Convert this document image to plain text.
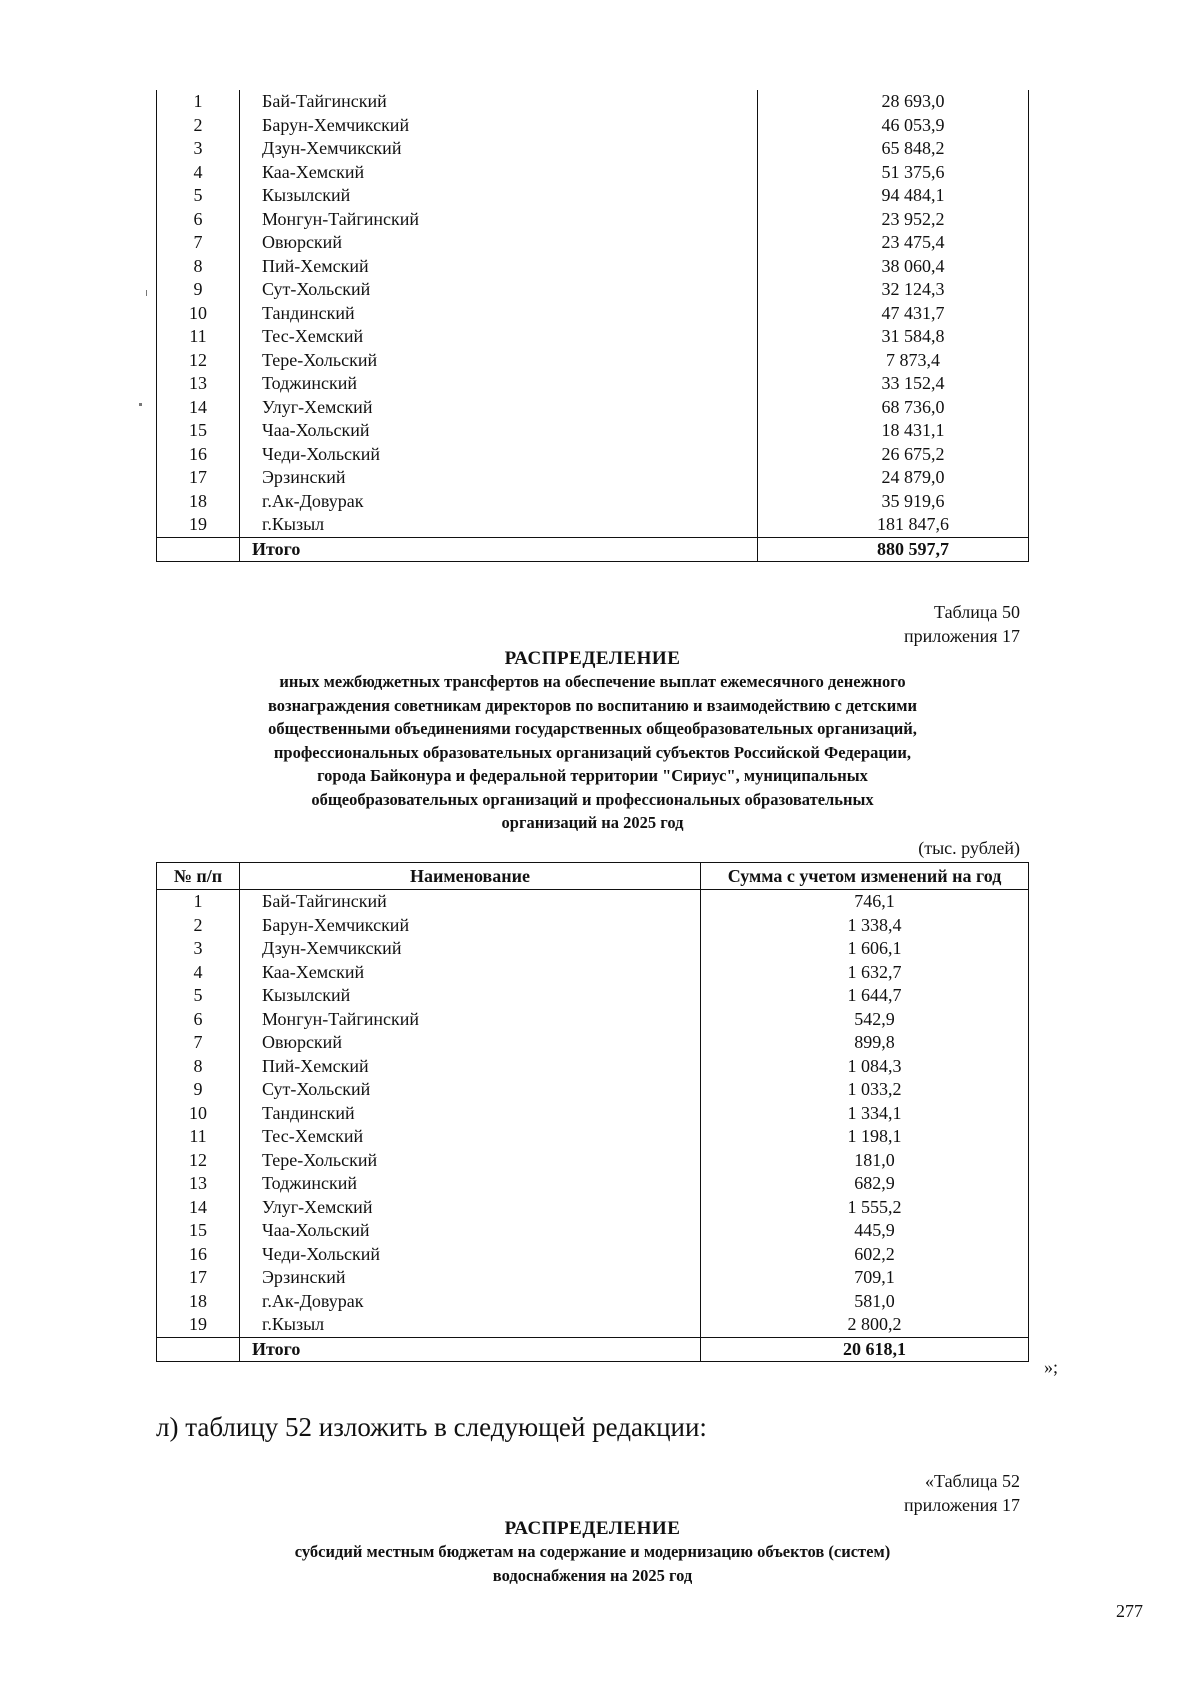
1	Бай-Тайгинский	28 693,0
2	Барун-Хемчикский	46 053,9
3	Дзун-Хемчикский	65 848,2
4	Каа-Хемский	51 375,6
5	Кызылский	94 484,1
6	Монгун-Тайгинский	23 952,2
7	Овюрский	23 475,4
8	Пий-Хемский	38 060,4
9	Сут-Хольский	32 124,3
10	Тандинский	47 431,7
11	Тес-Хемский	31 584,8
12	Тере-Хольский	7 873,4
13	Тоджинский	33 152,4
14	Улуг-Хемский	68 736,0
15	Чаа-Хольский	18 431,1
16	Чеди-Хольский	26 675,2
17	Эрзинский	24 879,0
18	г.Ак-Довурак	35 919,6
19	г.Кызыл	181 847,6
	Итого	880 597,7
Таблица 50
приложения 17
РАСПРЕДЕЛЕНИЕ
иных межбюджетных трансфертов на обеспечение выплат ежемесячного денежного
вознаграждения советникам директоров по воспитанию и взаимодействию с детскими
общественными объединениями государственных общеобразовательных организаций,
профессиональных образовательных организаций субъектов Российской Федерации,
города Байконура и федеральной территории "Сириус", муниципальных
общеобразовательных организаций и профессиональных образовательных
организаций на 2025 год
(тыс. рублей)
№ п/п	Наименование	Сумма с учетом изменений на год
1	Бай-Тайгинский	746,1
2	Барун-Хемчикский	1 338,4
3	Дзун-Хемчикский	1 606,1
4	Каа-Хемский	1 632,7
5	Кызылский	1 644,7
6	Монгун-Тайгинский	542,9
7	Овюрский	899,8
8	Пий-Хемский	1 084,3
9	Сут-Хольский	1 033,2
10	Тандинский	1 334,1
11	Тес-Хемский	1 198,1
12	Тере-Хольский	181,0
13	Тоджинский	682,9
14	Улуг-Хемский	1 555,2
15	Чаа-Хольский	445,9
16	Чеди-Хольский	602,2
17	Эрзинский	709,1
18	г.Ак-Довурак	581,0
19	г.Кызыл	2 800,2
	Итого	20 618,1
»;
л) таблицу 52 изложить в следующей редакции:
«Таблица 52
приложения 17
РАСПРЕДЕЛЕНИЕ
субсидий местным бюджетам на содержание и модернизацию объектов (систем)
водоснабжения на 2025 год
277
